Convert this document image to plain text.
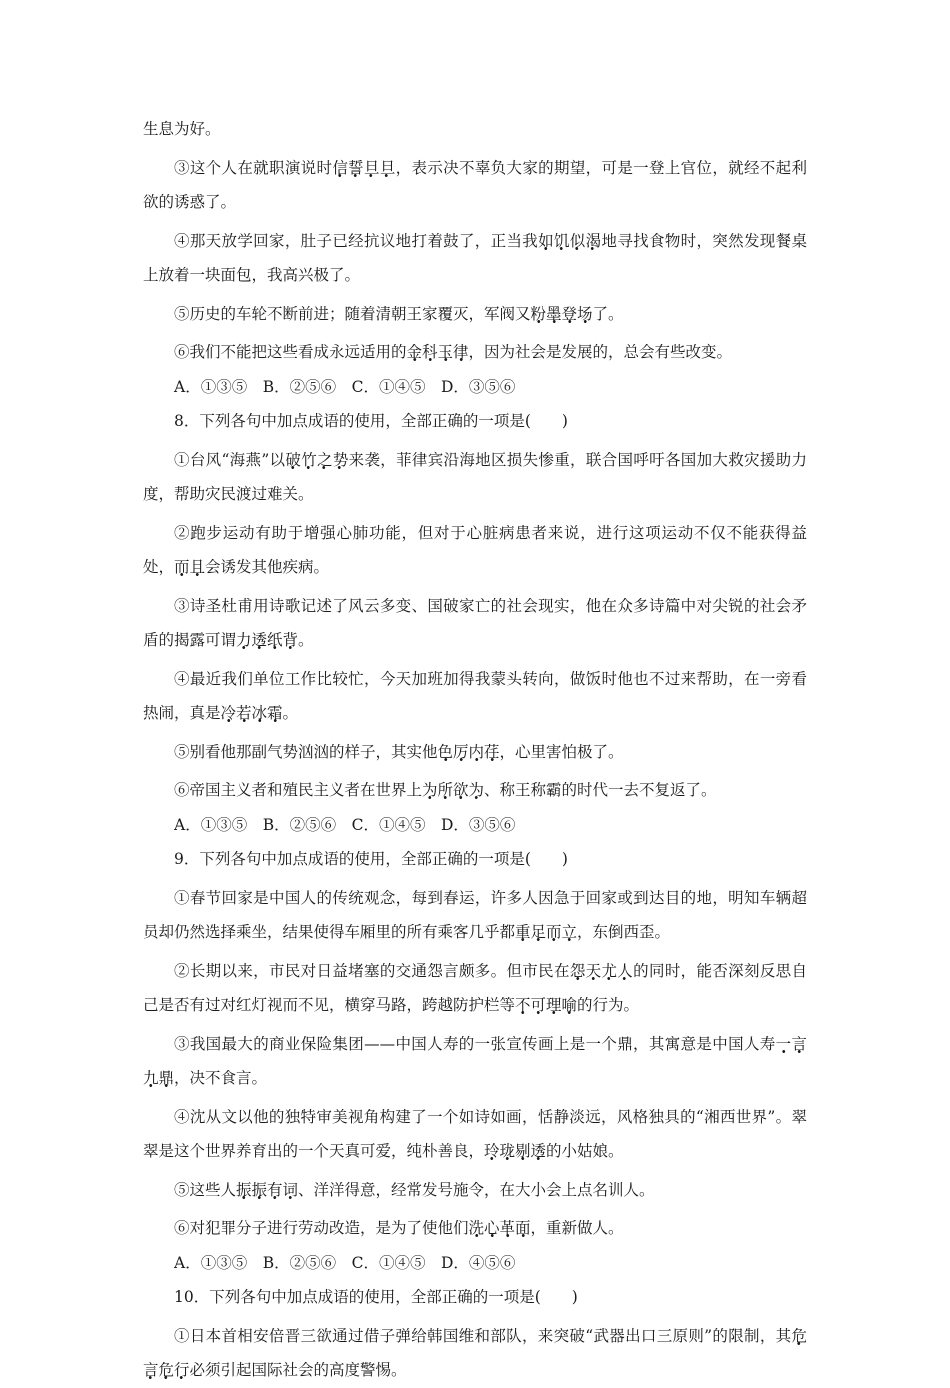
生息为好。

③这个人在就职演说时信誓旦旦，表示决不辜负大家的期望，可是一登上官位，就经不起利欲的诱惑了。

④那天放学回家，肚子已经抗议地打着鼓了，正当我如饥似渴地寻找食物时，突然发现餐桌上放着一块面包，我高兴极了。

⑤历史的车轮不断前进；随着清朝王家覆灭，军阀又粉墨登场了。

⑥我们不能把这些看成永远适用的金科玉律，因为社会是发展的，总会有些改变。

A．①③⑤　B．②⑤⑥　C．①④⑤　D．③⑤⑥

8．下列各句中加点成语的使用，全部正确的一项是(　　)

①台风“海燕”以破竹之势来袭，菲律宾沿海地区损失惨重，联合国呼吁各国加大救灾援助力度，帮助灾民渡过难关。

②跑步运动有助于增强心肺功能，但对于心脏病患者来说，进行这项运动不仅不能获得益处，而且会诱发其他疾病。

③诗圣杜甫用诗歌记述了风云多变、国破家亡的社会现实，他在众多诗篇中对尖锐的社会矛盾的揭露可谓力透纸背。

④最近我们单位工作比较忙，今天加班加得我蒙头转向，做饭时他也不过来帮助，在一旁看热闹，真是冷若冰霜。

⑤别看他那副气势汹汹的样子，其实他色厉内荏，心里害怕极了。

⑥帝国主义者和殖民主义者在世界上为所欲为、称王称霸的时代一去不复返了。

A．①③⑤　B．②⑤⑥　C．①④⑤　D．③⑤⑥

9．下列各句中加点成语的使用，全部正确的一项是(　　)

①春节回家是中国人的传统观念，每到春运，许多人因急于回家或到达目的地，明知车辆超员却仍然选择乘坐，结果使得车厢里的所有乘客几乎都重足而立，东倒西歪。

②长期以来，市民对日益堵塞的交通怨言颇多。但市民在怨天尤人的同时，能否深刻反思自己是否有过对红灯视而不见，横穿马路，跨越防护栏等不可理喻的行为。

③我国最大的商业保险集团——中国人寿的一张宣传画上是一个鼎，其寓意是中国人寿一言九鼎，决不食言。

④沈从文以他的独特审美视角构建了一个如诗如画，恬静淡远，风格独具的“湘西世界”。翠翠是这个世界养育出的一个天真可爱，纯朴善良，玲珑剔透的小姑娘。

⑤这些人振振有词、洋洋得意，经常发号施令，在大小会上点名训人。

⑥对犯罪分子进行劳动改造，是为了使他们洗心革面，重新做人。

A．①③⑤　B．②⑤⑥　C．①④⑤　D．④⑤⑥

10．下列各句中加点成语的使用，全部正确的一项是(　　)

①日本首相安倍晋三欲通过借子弹给韩国维和部队，来突破“武器出口三原则”的限制，其危言危行必须引起国际社会的高度警惕。
